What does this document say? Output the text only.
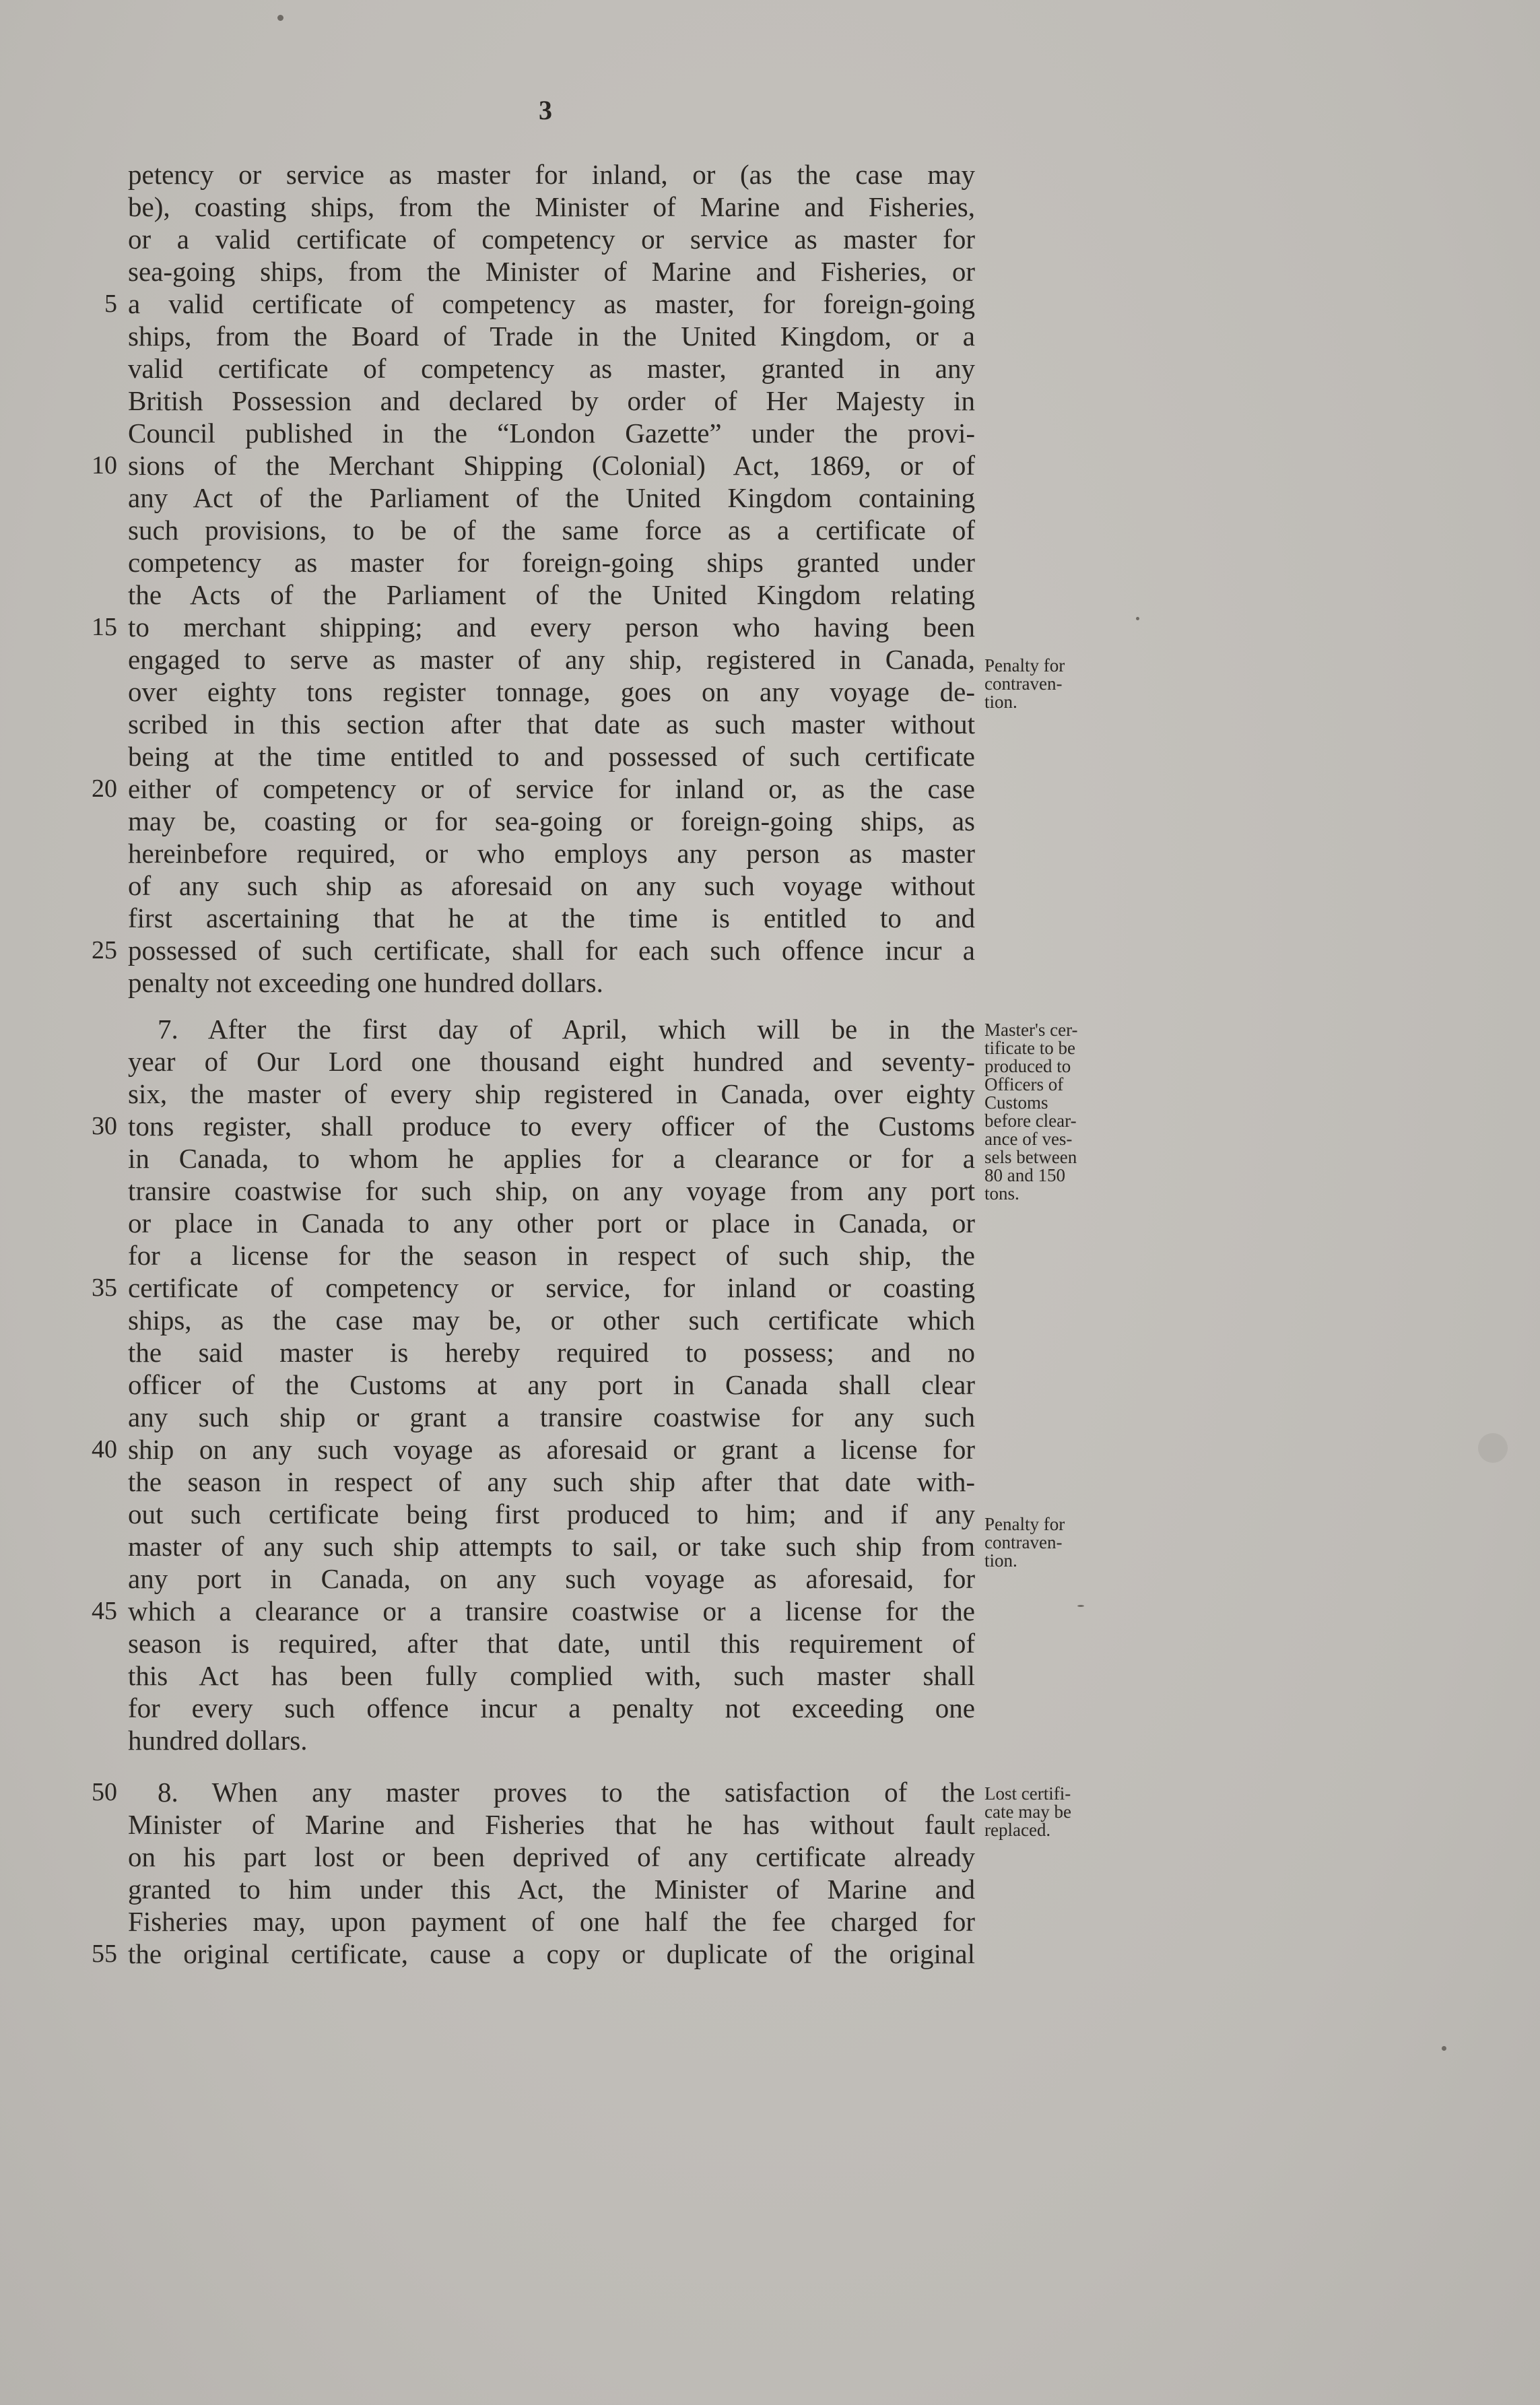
3
petency or service as master for inland, or (as the case may
be), coasting ships, from the Minister of Marine and Fisheries,
or a valid certificate of competency or service as master for
sea-going ships, from the Minister of Marine and Fisheries, or
a valid certificate of competency as master, for foreign-going
ships, from the Board of Trade in the United Kingdom, or a
valid certificate of competency as master, granted in any
British Possession and declared by order of Her Majesty in
Council published in the “London Gazette” under the provi-
sions of the Merchant Shipping (Colonial) Act, 1869, or of
any Act of the Parliament of the United Kingdom containing
such provisions, to be of the same force as a certificate of
competency as master for foreign-going ships granted under
the Acts of the Parliament of the United Kingdom relating
to merchant shipping; and every person who having been
engaged to serve as master of any ship, registered in Canada,
over eighty tons register tonnage, goes on any voyage de-
scribed in this section after that date as such master without
being at the time entitled to and possessed of such certificate
either of competency or of service for inland or, as the case
may be, coasting or for sea-going or foreign-going ships, as
hereinbefore required, or who employs any person as master
of any such ship as aforesaid on any such voyage without
first ascertaining that he at the time is entitled to and
possessed of such certificate, shall for each such offence incur a
penalty not exceeding one hundred dollars.
7. After the first day of April, which will be in the
year of Our Lord one thousand eight hundred and seventy-
six, the master of every ship registered in Canada, over eighty
tons register, shall produce to every officer of the Customs
in Canada, to whom he applies for a clearance or for a
transire coastwise for such ship, on any voyage from any port
or place in Canada to any other port or place in Canada, or
for a license for the season in respect of such ship, the
certificate of competency or service, for inland or coasting
ships, as the case may be, or other such certificate which
the said master is hereby required to possess; and no
officer of the Customs at any port in Canada shall clear
any such ship or grant a transire coastwise for any such
ship on any such voyage as aforesaid or grant a license for
the season in respect of any such ship after that date with-
out such certificate being first produced to him; and if any
master of any such ship attempts to sail, or take such ship from
any port in Canada, on any such voyage as aforesaid, for
which a clearance or a transire coastwise or a license for the
season is required, after that date, until this requirement of
this Act has been fully complied with, such master shall
for every such offence incur a penalty not exceeding one
hundred dollars.
8. When any master proves to the satisfaction of the
Minister of Marine and Fisheries that he has without fault
on his part lost or been deprived of any certificate already
granted to him under this Act, the Minister of Marine and
Fisheries may, upon payment of one half the fee charged for
the original certificate, cause a copy or duplicate of the original
5
10
15
20
25
30
35
40
45
50
55
Penalty for
contraven-
tion.
Master's cer-
tificate to be
produced to
Officers of
Customs
before clear-
ance of ves-
sels between
80 and 150
tons.
Penalty for
contraven-
tion.
Lost certifi-
cate may be
replaced.
